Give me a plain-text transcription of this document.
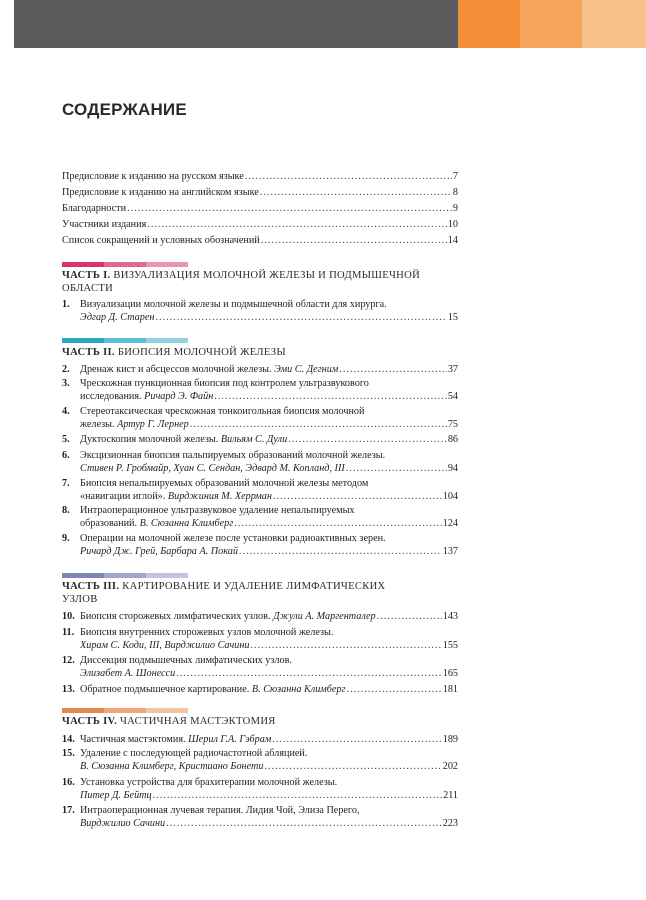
СОДЕРЖАНИЕ
Предисловие к изданию на русском языке .....	7
Предисловие к изданию на английском языке .....	8
Благодарности .....	9
Участники издания .....	10
Список сокращений и условных обозначений .....	14
ЧАСТЬ I. ВИЗУАЛИЗАЦИЯ МОЛОЧНОЙ ЖЕЛЕЗЫ И ПОДМЫШЕЧНОЙ
ОБЛАСТИ
1.	Визуализации молочной железы и подмышечной области для хирурга.
Эдгар Д. Старен .....	15
ЧАСТЬ II. БИОПСИЯ МОЛОЧНОЙ ЖЕЛЕЗЫ
2.	Дренаж кист и абсцессов молочной железы. Эми С. Дегним .....	37
3.	Чрескожная пункционная биопсия под контролем ультразвукового
исследования. Ричард Э. Файн .....	54
4.	Стереотаксическая чрескожная тонкоигольная биопсия молочной
железы. Артур Г. Лернер .....	75
5.	Дуктоскопия молочной железы. Вильям С. Дули .....	86
6.	Эксцизионная биопсия пальпируемых образований молочной железы.
Стивен Р. Гробмайр, Хуан С. Сендан, Эдвард М. Копланд, III .....	94
7.	Биопсия непальпируемых образований молочной железы методом
«навигации иглой». Вирджиния М. Херрман .....	104
8.	Интраоперационное ультразвуковое удаление непальпируемых
образований. В. Сюзанна Климберг .....	124
9.	Операции на молочной железе после установки радиоактивных зерен.
Ричард Дж. Грей, Барбара А. Покай .....	137
ЧАСТЬ III. КАРТИРОВАНИЕ И УДАЛЕНИЕ ЛИМФАТИЧЕСКИХ
УЗЛОВ
10. Биопсия сторожевых лимфатических узлов. Джули А. Маргенталер .....	143
11. Биопсия внутренних сторожевых узлов молочной железы.
Хирам С. Коди, III, Вирджилио Сачини .....	155
12. Диссекция подмышечных лимфатических узлов.
Элизабет А. Шонесси .....	165
13. Обратное подмышечное картирование. В. Сюзанна Климберг .....	181
ЧАСТЬ IV. ЧАСТИЧНАЯ МАСТЭКТОМИЯ
14. Частичная мастэктомия. Шерил Г.А. Гэбрам .....	189
15. Удаление с последующей радиочастотной абляцией.
В. Сюзанна Климберг, Кристиано Бонети .....	202
16. Установка устройства для брахитерапии молочной железы.
Питер Д. Бейтц .....	211
17. Интраоперационная лучевая терапия. Лидия Чой, Элиза Перего,
Вирджилио Сачини .....	223
